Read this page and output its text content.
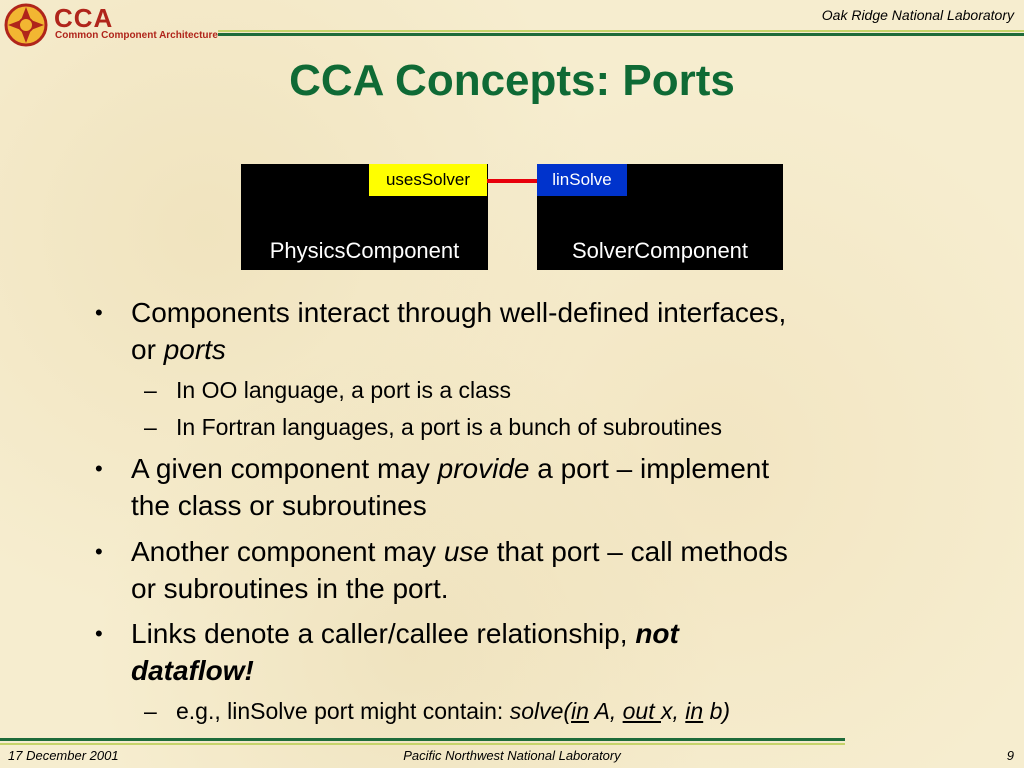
CCA
Common Component Architecture
Oak Ridge National Laboratory
CCA Concepts: Ports
PhysicsComponent	SolverComponent
usesSolver	linSolve
• Components interact through well-defined interfaces,
or ports
– In OO language, a port is a class
– In Fortran languages, a port is a bunch of subroutines
• A given component may provide a port – implement
the class or subroutines
• Another component may use that port – call methods
or subroutines in the port.
• Links denote a caller/callee relationship, not
dataflow!
– e.g., linSolve port might contain: solve(in A, out x, in b)
17 December 2001	Pacific Northwest National Laboratory	9
